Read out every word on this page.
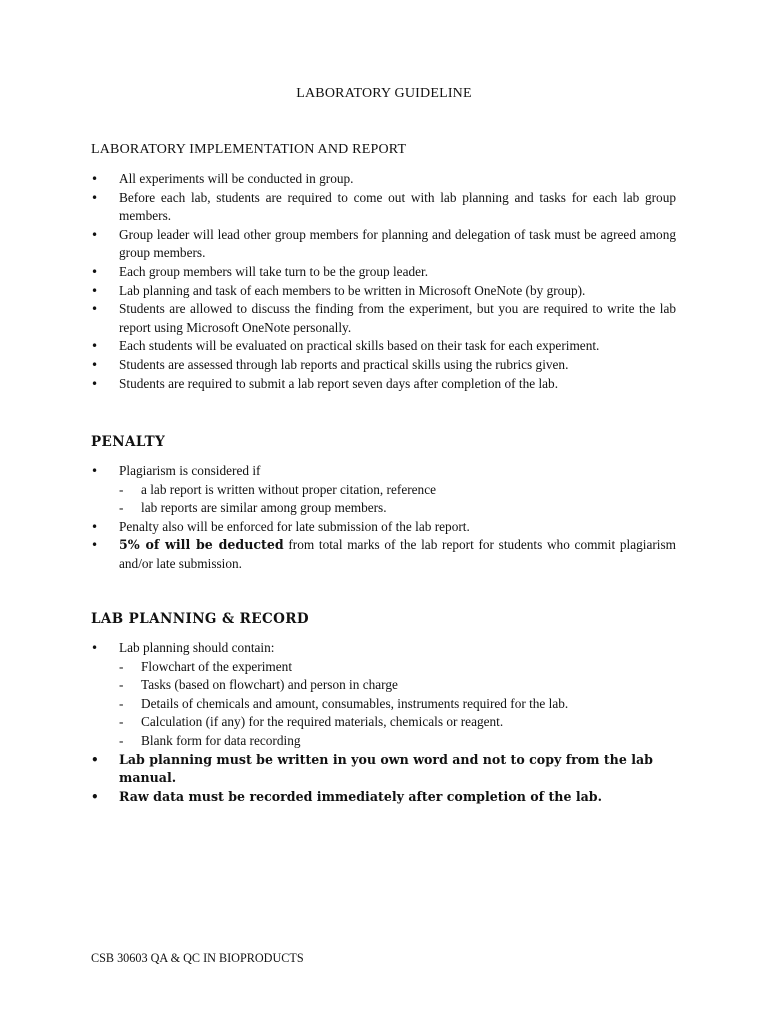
LABORATORY GUIDELINE
LABORATORY IMPLEMENTATION AND REPORT
• All experiments will be conducted in group.
• Before each lab, students are required to come out with lab planning and tasks for each lab group members.
• Group leader will lead other group members for planning and delegation of task must be agreed among group members.
• Each group members will take turn to be the group leader.
• Lab planning and task of each members to be written in Microsoft OneNote (by group).
• Students are allowed to discuss the finding from the experiment, but you are required to write the lab report using Microsoft OneNote personally.
• Each students will be evaluated on practical skills based on their task for each experiment.
• Students are assessed through lab reports and practical skills using the rubrics given.
• Students are required to submit a lab report seven days after completion of the lab.
PENALTY
• Plagiarism is considered if
- a lab report is written without proper citation, reference
- lab reports are similar among group members.
• Penalty also will be enforced for late submission of the lab report.
• 5% of will be deducted from total marks of the lab report for students who commit plagiarism and/or late submission.
LAB PLANNING & RECORD
• Lab planning should contain:
- Flowchart of the experiment
- Tasks (based on flowchart) and person in charge
- Details of chemicals and amount, consumables, instruments required for the lab.
- Calculation (if any) for the required materials, chemicals or reagent.
- Blank form for data recording
• Lab planning must be written in you own word and not to copy from the lab manual.
• Raw data must be recorded immediately after completion of the lab.
CSB 30603 QA & QC IN BIOPRODUCTS
